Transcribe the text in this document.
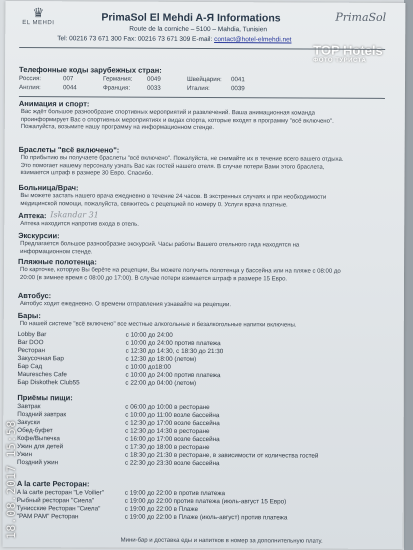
♛
EL MEHDI	PrimaSol El Mehdi A-Я Informations
Route de la corniche – 5100 – Mahdia, Tunisien
Tel: 00216 73 671 300 Fax: 00216 73 671 309 E-mail: contact@hotel-elmehdi.net
PrimaSol
TOP Hotels
ФОТО ТУРИСТА
Телефонные коды зарубежных стран:
Россия:	007	Германия:	0049	Швейцария:	0041
Англия:	0044	Франция:	0033	Италия:	0039
Анимация и спорт:
Вас ждёт большое разнообразие спортивных мероприятий и развлечений. Ваша анимационная команда проинформирует Вас о спортивных мероприятиях и видах спорта, которые входят в программу "всё включено". Пожалуйста, возьмите нашу программу на информационном стенде.
Браслеты "всё включено":
По прибытию вы получаете браслеты "всё включено". Пожалуйста, не снимайте их в течение всего вашего отдыха. Это помогает нашему персоналу узнать Вас как гостей нашего отеля. В случае потери Вами этого браслета, взимается штраф в размере 30 Евро. Спасибо.
Больница/Врач:
Вы можете застать нашего врача ежедневно в течение 24 часов. В экстренных случаях и при необходимости медицинской помощи, пожалуйста, свяжитесь с рецепцией по номеру 0. Услуги врача платные.
Аптека: Iskandar 31
Аптека находится напротив входа в отель.
Экскурсии:
Предлагается большое разнообразие экскурсий. Часы работы Вашего отельного гида находятся на информационном стенде.
Пляжные полотенца:
По карточке, которую Вы берёте на рецепции, Вы можете получить полотенца у бассейна или на пляже с 08:00 до 20:00 (в зимнее время с 08:00 до 17:00). В случае потери взимается штраф в размере 15 Евро.
Автобус:
Автобус ходит ежедневно. О времени отправления узнавайте на рецепции.
Бары:
По нашей системе "всё включено" все местные алкогольные и безалкогольные напитки включены.
Lobby Bar	с 10:00 до 24:00
Bar DOO	с 10:00 до 24:00 против платежа
Ресторан	с 12:30 до 14:30, с 18:30 до 21:30
Закусочная Бар	с 12:30 до 18:00 (летом)
Бар Сад	с 10:00 до18:00
Mauresches Cafe	с 10:00 до 24:00 против платежа
Бар Diskothek Club55	с 22:00 до 04:00 (летом)
Приёмы пищи:
Завтрак	с 06:00 до 10:00 в ресторане
Поздний завтрак	с 10:00 до 11:00 возле бассейна
Закуски	с 12:30 до 17:00 возле бассейна
Обед-буфет	с 12:30 до 14:30 в ресторане
Кофе/Выпечка	с 16:00 до 17:00 возле бассейна
Ужин для детей	с 17:30 до 18:00 в ресторане
Ужин	с 18:30 до 21:30 в ресторане, в зависимости от количества гостей
Поздний ужин	с 22:30 до 23:30 возле бассейна
A la carte Ресторан:
A la carte ресторан "Le Voilier"	с 19:00 до 22:00 в против платежа
Рыбный ресторан "Сиела"	с 19:00 до 22:00 против платежа (июль-август 15 Евро)
Тунисские Ресторан "Сиела"	с 19:00 до 22:00 в Плаже
"РАМ РАМ" Ресторан	с 19:00 до 22:00 в Плаже (июль-август) против платежа
Мини-бар и доставка еды и напитков в номер за дополнительную плату.
18.08.2017 15:58
